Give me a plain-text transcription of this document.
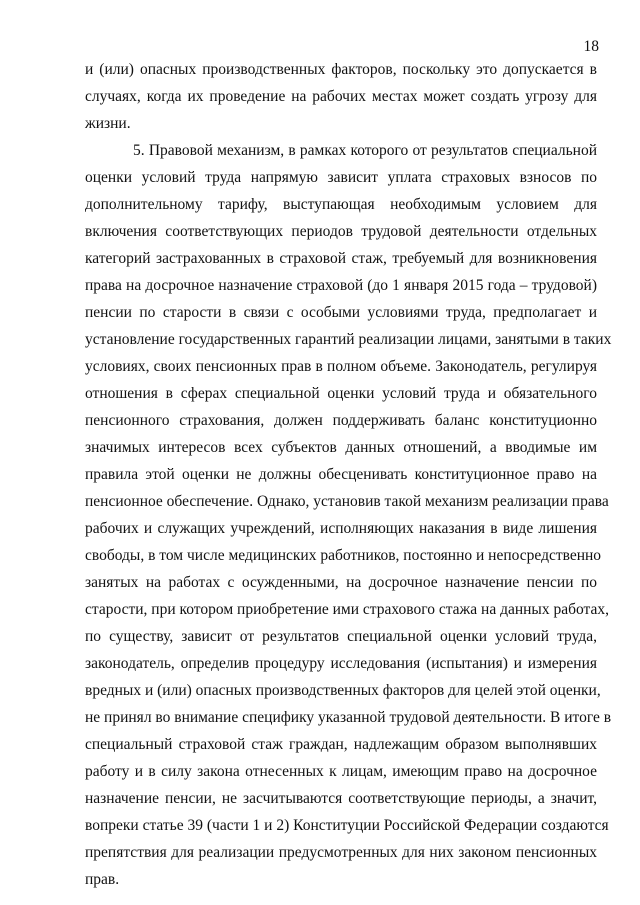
18
и (или) опасных производственных факторов, поскольку это допускается в
случаях, когда их проведение на рабочих местах может создать угрозу для
жизни.
5. Правовой механизм, в рамках которого от результатов специальной
оценки условий труда напрямую зависит уплата страховых взносов по
дополнительному тарифу, выступающая необходимым условием для
включения соответствующих периодов трудовой деятельности отдельных
категорий застрахованных в страховой стаж, требуемый для возникновения
права на досрочное назначение страховой (до 1 января 2015 года – трудовой)
пенсии по старости в связи с особыми условиями труда, предполагает и
установление государственных гарантий реализации лицами, занятыми в таких
условиях, своих пенсионных прав в полном объеме. Законодатель, регулируя
отношения в сферах специальной оценки условий труда и обязательного
пенсионного страхования, должен поддерживать баланс конституционно
значимых интересов всех субъектов данных отношений, а вводимые им
правила этой оценки не должны обесценивать конституционное право на
пенсионное обеспечение. Однако, установив такой механизм реализации права
рабочих и служащих учреждений, исполняющих наказания в виде лишения
свободы, в том числе медицинских работников, постоянно и непосредственно
занятых на работах с осужденными, на досрочное назначение пенсии по
старости, при котором приобретение ими страхового стажа на данных работах,
по существу, зависит от результатов специальной оценки условий труда,
законодатель, определив процедуру исследования (испытания) и измерения
вредных и (или) опасных производственных факторов для целей этой оценки,
не принял во внимание специфику указанной трудовой деятельности. В итоге в
специальный страховой стаж граждан, надлежащим образом выполнявших
работу и в силу закона отнесенных к лицам, имеющим право на досрочное
назначение пенсии, не засчитываются соответствующие периоды, а значит,
вопреки статье 39 (части 1 и 2) Конституции Российской Федерации создаются
препятствия для реализации предусмотренных для них законом пенсионных
прав.
